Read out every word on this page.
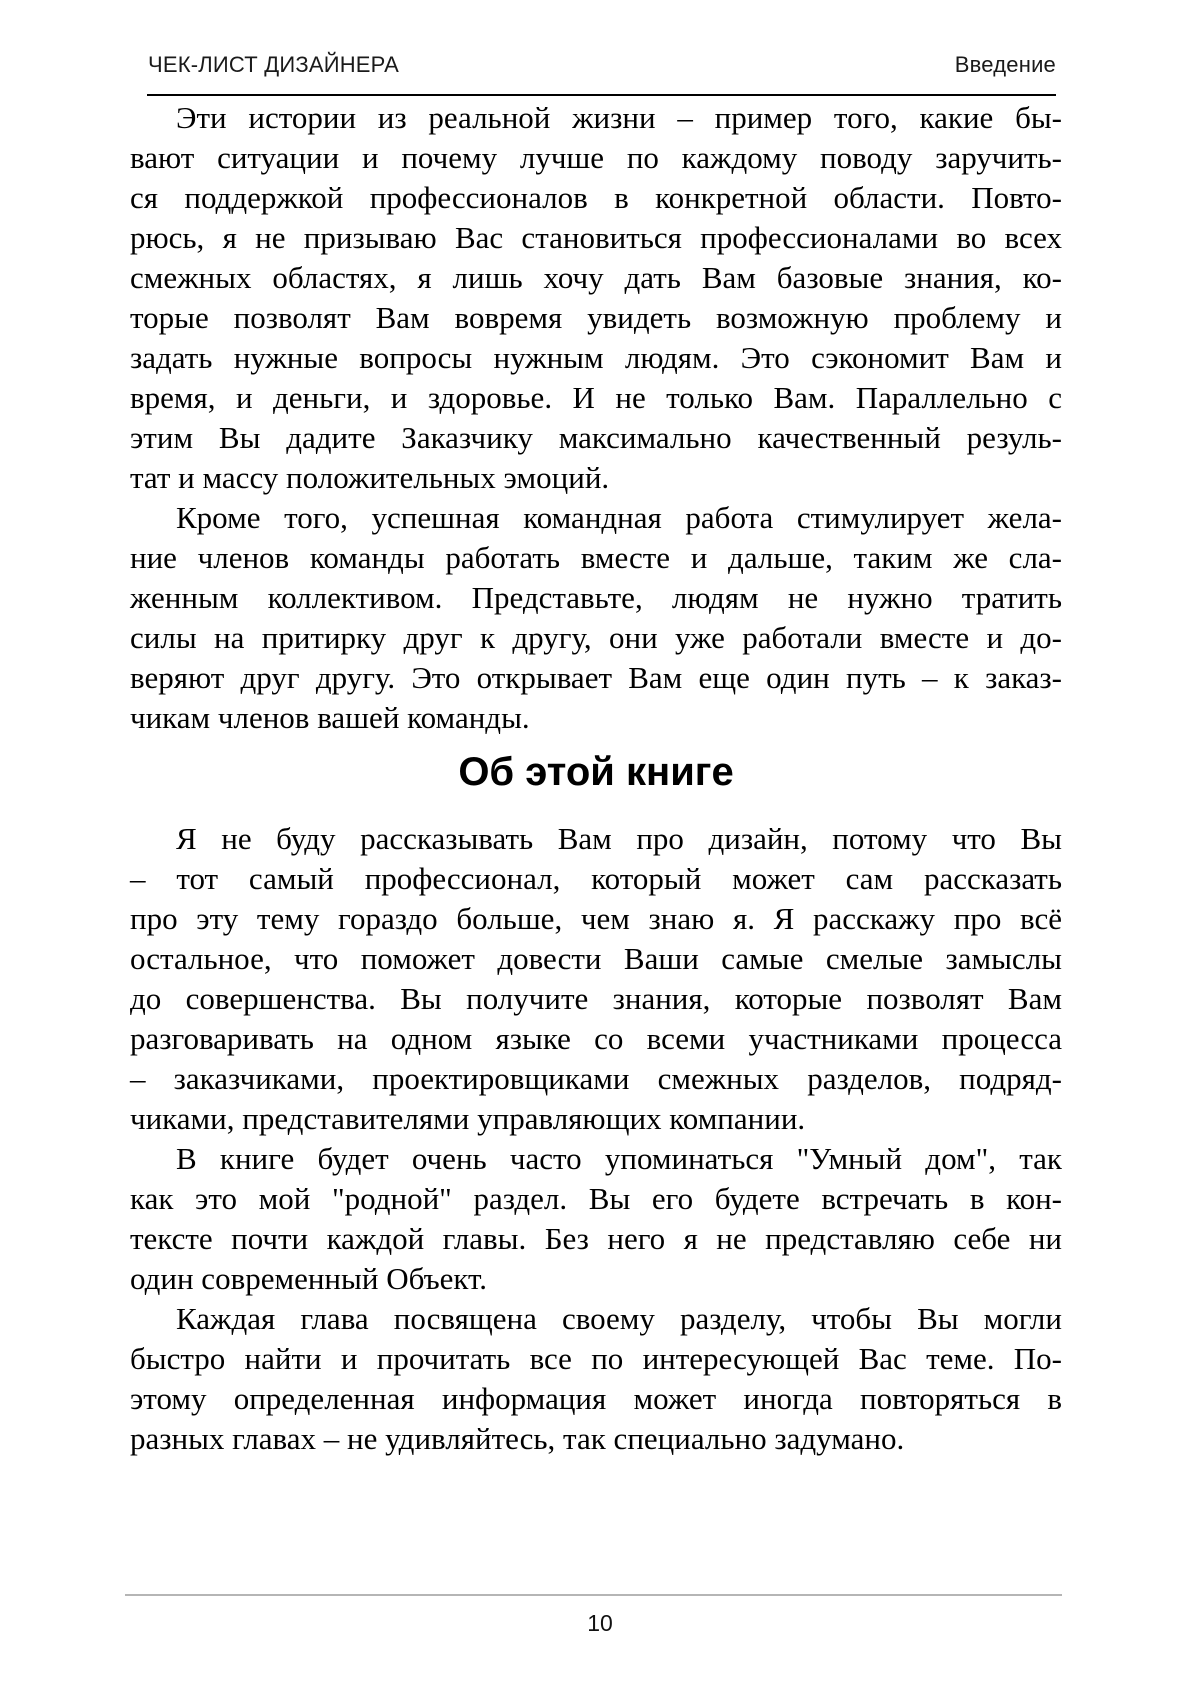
ЧЕК-ЛИСТ ДИЗАЙНЕРА	Введение
Эти истории из реальной жизни – пример того, какие бы-
вают ситуации и почему лучше по каждому поводу заручить-
ся поддержкой профессионалов в конкретной области. Повто-
рюсь, я не призываю Вас становиться профессионалами во всех
смежных областях, я лишь хочу дать Вам базовые знания, ко-
торые позволят Вам вовремя увидеть возможную проблему и
задать нужные вопросы нужным людям. Это сэкономит Вам и
время, и деньги, и здоровье. И не только Вам. Параллельно с
этим Вы дадите Заказчику максимально качественный резуль-
тат и массу положительных эмоций.
Кроме того, успешная командная работа стимулирует жела-
ние членов команды работать вместе и дальше, таким же сла-
женным коллективом. Представьте, людям не нужно тратить
силы на притирку друг к другу, они уже работали вместе и до-
веряют друг другу. Это открывает Вам еще один путь – к заказ-
чикам членов вашей команды.
Об этой книге
Я не буду рассказывать Вам про дизайн, потому что Вы
– тот самый профессионал, который может сам рассказать
про эту тему гораздо больше, чем знаю я. Я расскажу про всё
остальное, что поможет довести Ваши самые смелые замыслы
до совершенства. Вы получите знания, которые позволят Вам
разговаривать на одном языке со всеми участниками процесса
– заказчиками, проектировщиками смежных разделов, подряд-
чиками, представителями управляющих компании.
В книге будет очень часто упоминаться "Умный дом", так
как это мой "родной" раздел. Вы его будете встречать в кон-
тексте почти каждой главы. Без него я не представляю себе ни
один современный Объект.
Каждая глава посвящена своему разделу, чтобы Вы могли
быстро найти и прочитать все по интересующей Вас теме. По-
этому определенная информация может иногда повторяться в
разных главах – не удивляйтесь, так специально задумано.
10
